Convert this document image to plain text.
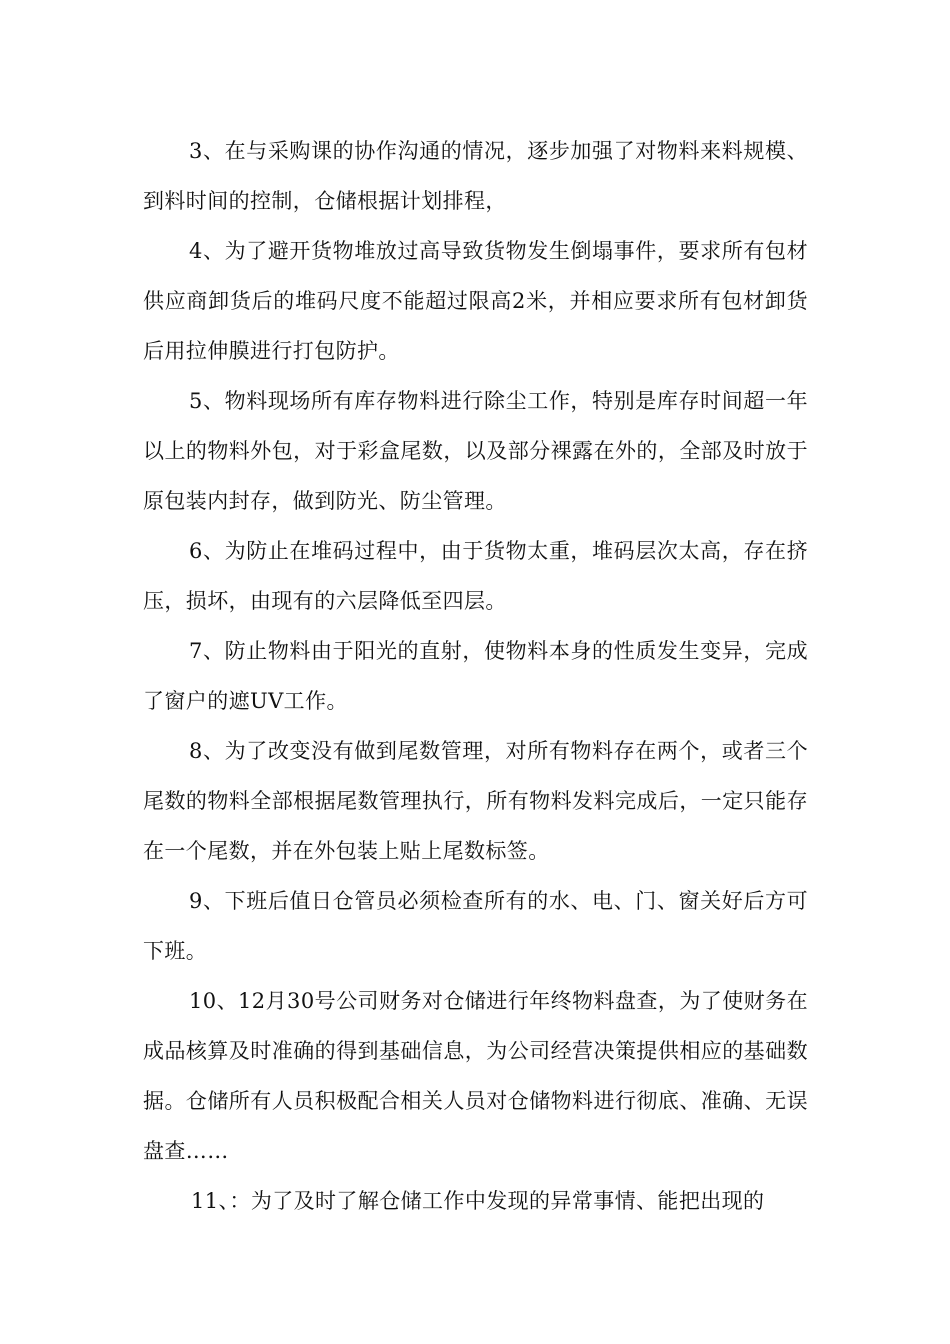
3、在与采购课的协作沟通的情况，逐步加强了对物料来料规模、到料时间的控制，仓储根据计划排程，

4、为了避开货物堆放过高导致货物发生倒塌事件，要求所有包材供应商卸货后的堆码尺度不能超过限高2米，并相应要求所有包材卸货后用拉伸膜进行打包防护。

5、物料现场所有库存物料进行除尘工作，特别是库存时间超一年以上的物料外包，对于彩盒尾数，以及部分裸露在外的，全部及时放于原包装内封存，做到防光、防尘管理。

6、为防止在堆码过程中，由于货物太重，堆码层次太高，存在挤压，损坏，由现有的六层降低至四层。

7、防止物料由于阳光的直射，使物料本身的性质发生变异，完成了窗户的遮UV工作。

8、为了改变没有做到尾数管理，对所有物料存在两个，或者三个尾数的物料全部根据尾数管理执行，所有物料发料完成后，一定只能存在一个尾数，并在外包装上贴上尾数标签。

9、下班后值日仓管员必须检查所有的水、电、门、窗关好后方可下班。

10、12月30号公司财务对仓储进行年终物料盘查，为了使财务在成品核算及时准确的得到基础信息，为公司经营决策提供相应的基础数据。仓储所有人员积极配合相关人员对仓储物料进行彻底、准确、无误盘查……

11、：为了及时了解仓储工作中发现的异常事情、能把出现的
